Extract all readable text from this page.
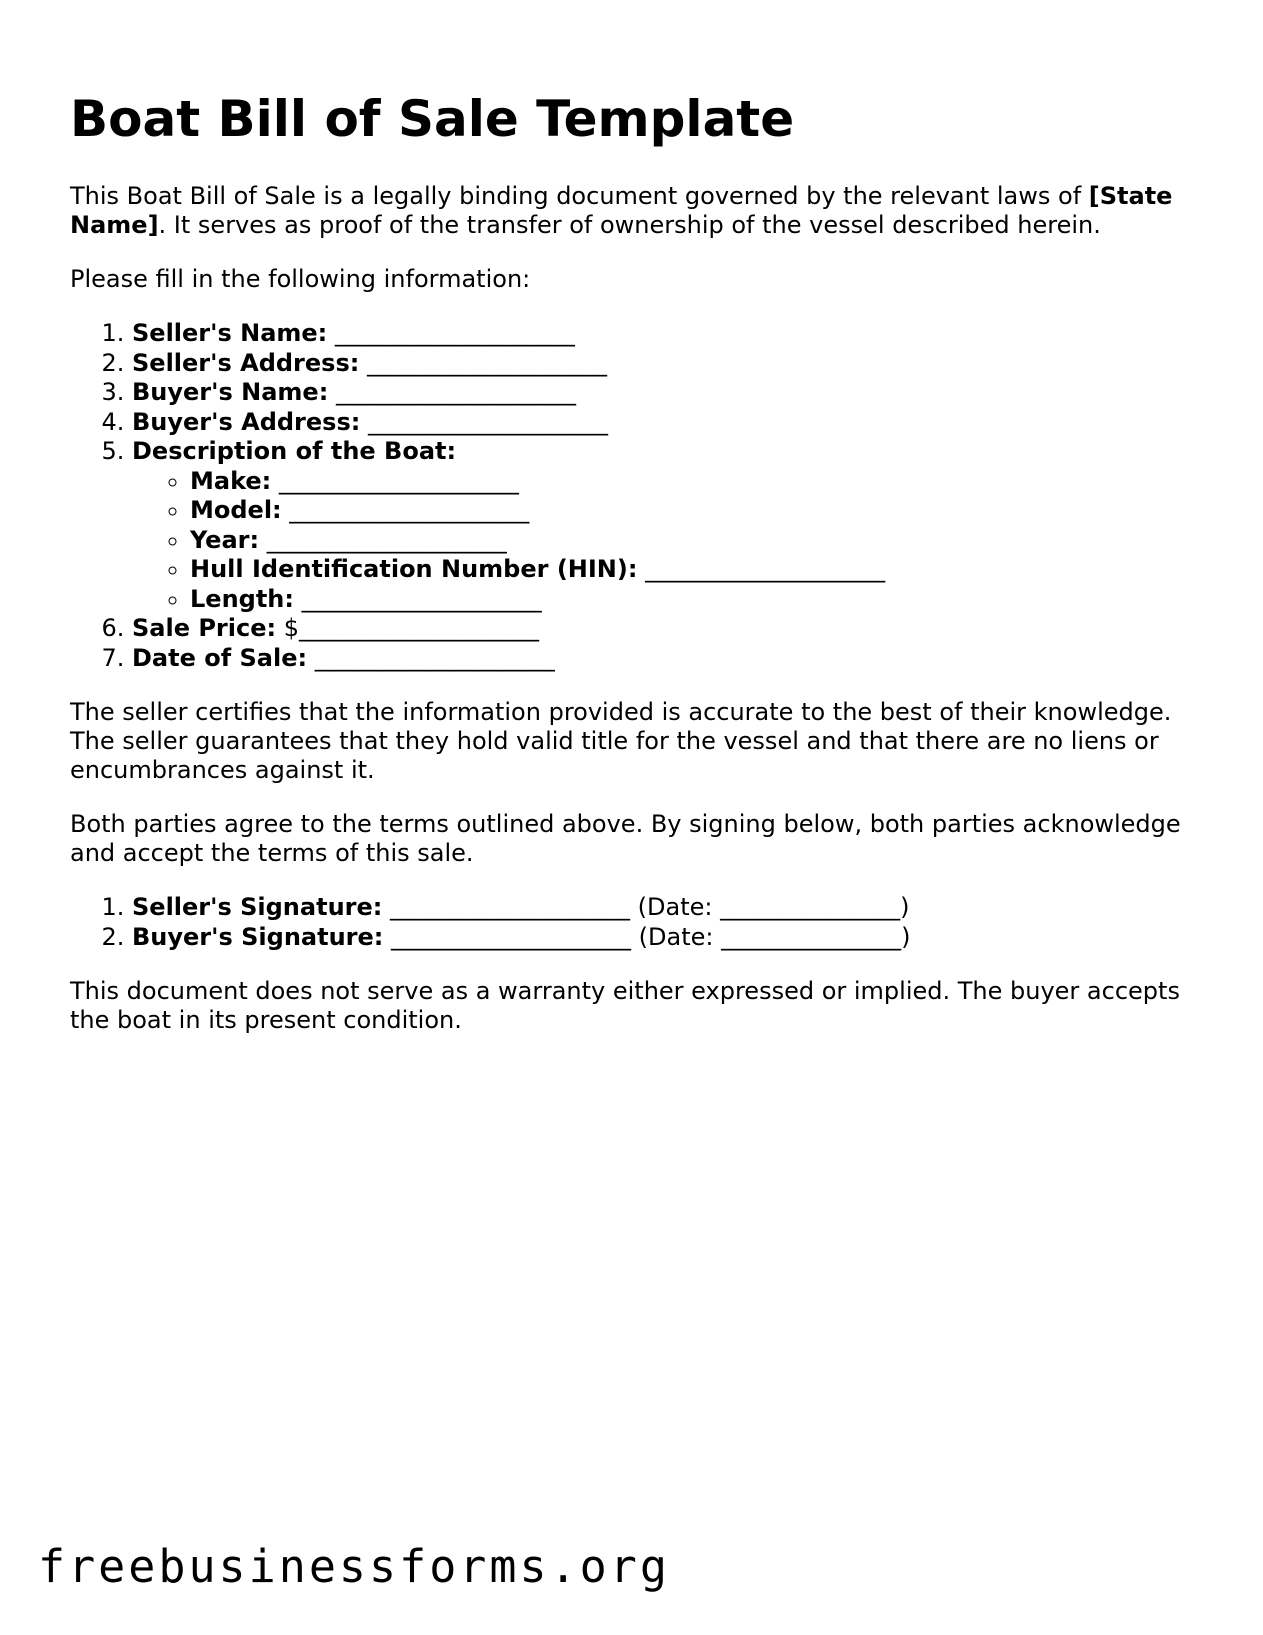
Boat Bill of Sale Template

This Boat Bill of Sale is a legally binding document governed by the relevant laws of [State Name]. It serves as proof of the transfer of ownership of the vessel described herein.

Please fill in the following information:

1. Seller's Name: ____________________
2. Seller's Address: ____________________
3. Buyer's Name: ____________________
4. Buyer's Address: ____________________
5. Description of the Boat:
◦ Make: ____________________
◦ Model: ____________________
◦ Year: ____________________
◦ Hull Identification Number (HIN): ____________________
◦ Length: ____________________
6. Sale Price: $____________________
7. Date of Sale: ____________________

The seller certifies that the information provided is accurate to the best of their knowledge. The seller guarantees that they hold valid title for the vessel and that there are no liens or encumbrances against it.

Both parties agree to the terms outlined above. By signing below, both parties acknowledge and accept the terms of this sale.

1. Seller's Signature: ____________________ (Date: _______________)
2. Buyer's Signature: ____________________ (Date: _______________)

This document does not serve as a warranty either expressed or implied. The buyer accepts the boat in its present condition.

freebusinessforms.org
